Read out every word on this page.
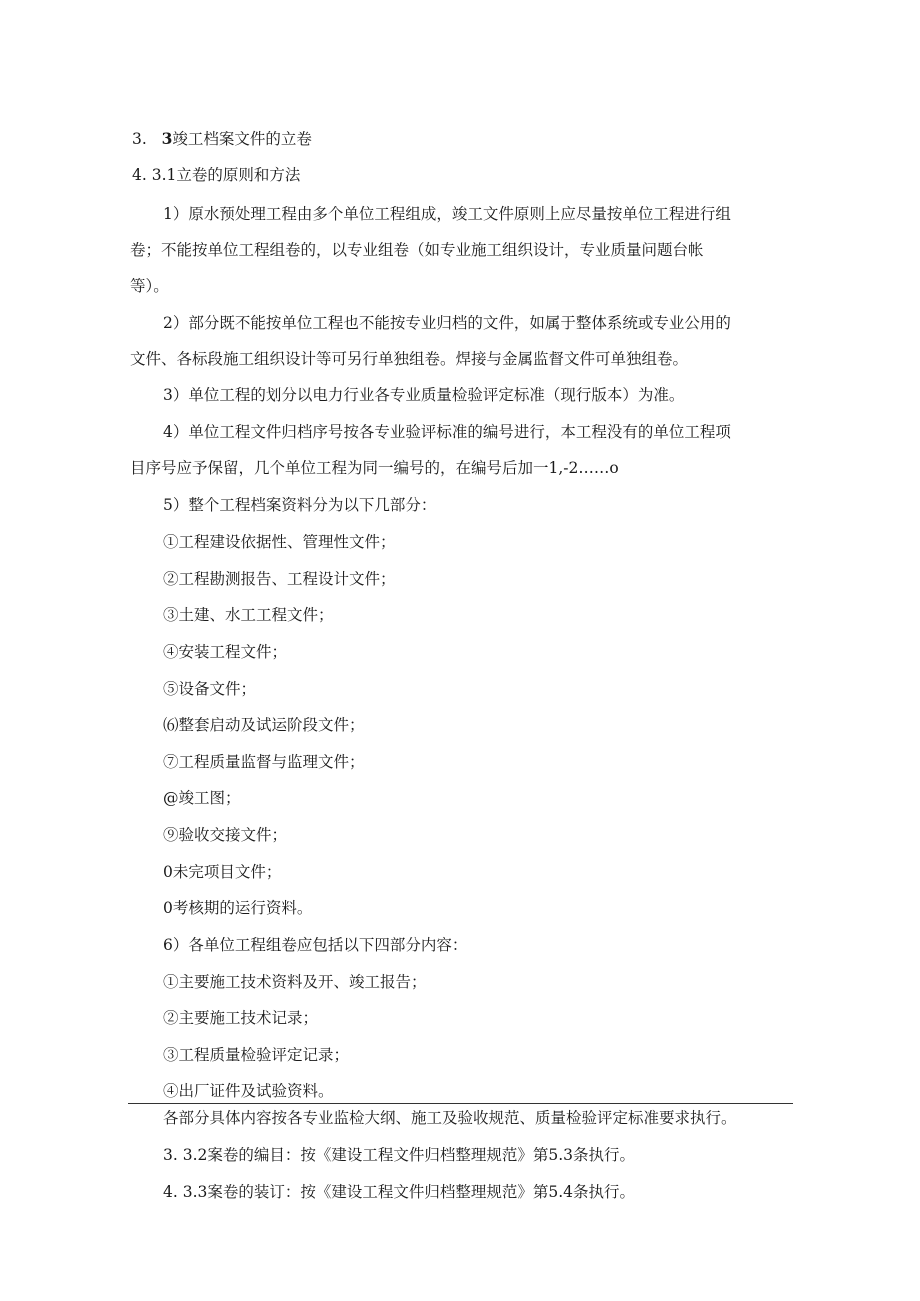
3. 3竣工档案文件的立卷
4. 3.1立卷的原则和方法
1）原水预处理工程由多个单位工程组成，竣工文件原则上应尽量按单位工程进行组
卷；不能按单位工程组卷的，以专业组卷（如专业施工组织设计，专业质量问题台帐
等）。
2）部分既不能按单位工程也不能按专业归档的文件，如属于整体系统或专业公用的
文件、各标段施工组织设计等可另行单独组卷。焊接与金属监督文件可单独组卷。
3）单位工程的划分以电力行业各专业质量检验评定标准（现行版本）为准。
4）单位工程文件归档序号按各专业验评标准的编号进行，本工程没有的单位工程项
目序号应予保留，几个单位工程为同一编号的，在编号后加一1,-2……o
5）整个工程档案资料分为以下几部分：
①工程建设依据性、管理性文件；
②工程勘测报告、工程设计文件；
③土建、水工工程文件；
④安装工程文件；
⑤设备文件；
⑹整套启动及试运阶段文件；
⑦工程质量监督与监理文件；
@竣工图；
⑨验收交接文件；
0未完项目文件；
0考核期的运行资料。
6）各单位工程组卷应包括以下四部分内容：
①主要施工技术资料及开、竣工报告；
②主要施工技术记录；
③工程质量检验评定记录；
④出厂证件及试验资料。
各部分具体内容按各专业监检大纲、施工及验收规范、质量检验评定标准要求执行。
3. 3.2案卷的编目：按《建设工程文件归档整理规范》第5.3条执行。
4. 3.3案卷的装订：按《建设工程文件归档整理规范》第5.4条执行。
